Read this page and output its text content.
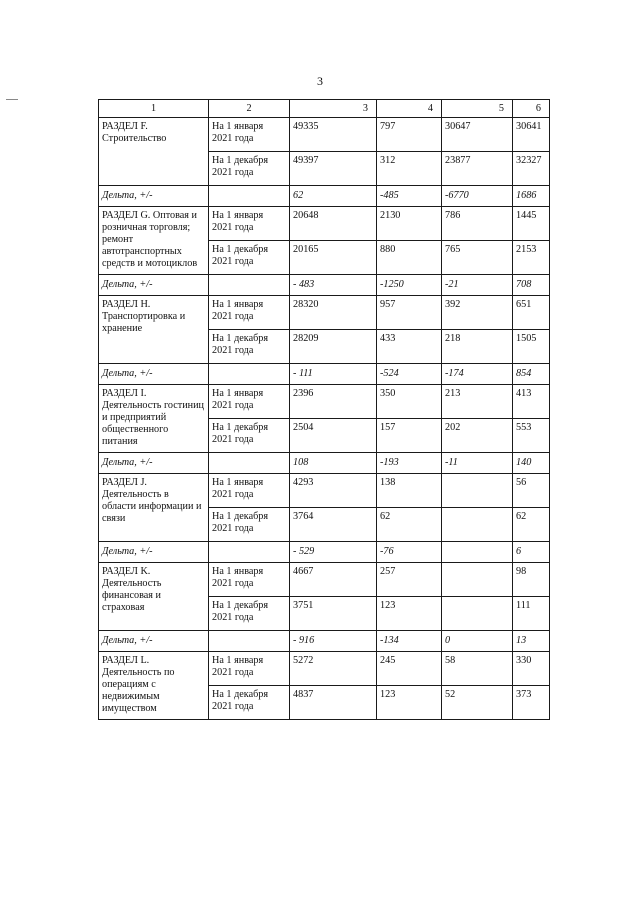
3
1	2	3	4	5	6
РАЗДЕЛ F. Строительство	На 1 января 2021 года	49335	797	30647	30641
	На 1 декабря 2021 года	49397	312	23877	32327
Дельта, +/-		62	-485	-6770	1686
РАЗДЕЛ G. Оптовая и розничная торговля; ремонт автотранспортных средств и мотоциклов	На 1 января 2021 года	20648	2130	786	1445
	На 1 декабря 2021 года	20165	880	765	2153
Дельта, +/-		- 483	-1250	-21	708
РАЗДЕЛ H. Транспортировка и хранение	На 1 января 2021 года	28320	957	392	651
	На 1 декабря 2021 года	28209	433	218	1505
Дельта, +/-		- 111	-524	-174	854
РАЗДЕЛ I. Деятельность гостиниц и предприятий общественного питания	На 1 января 2021 года	2396	350	213	413
	На 1 декабря 2021 года	2504	157	202	553
Дельта, +/-		108	-193	-11	140
РАЗДЕЛ J. Деятельность в области информации и связи	На 1 января 2021 года	4293	138		56
	На 1 декабря 2021 года	3764	62		62
Дельта, +/-		- 529	-76		6
РАЗДЕЛ K. Деятельность финансовая и страховая	На 1 января 2021 года	4667	257		98
	На 1 декабря 2021 года	3751	123		111
Дельта, +/-		- 916	-134	0	13
РАЗДЕЛ L. Деятельность по операциям с недвижимым имуществом	На 1 января 2021 года	5272	245	58	330
	На 1 декабря 2021 года	4837	123	52	373
